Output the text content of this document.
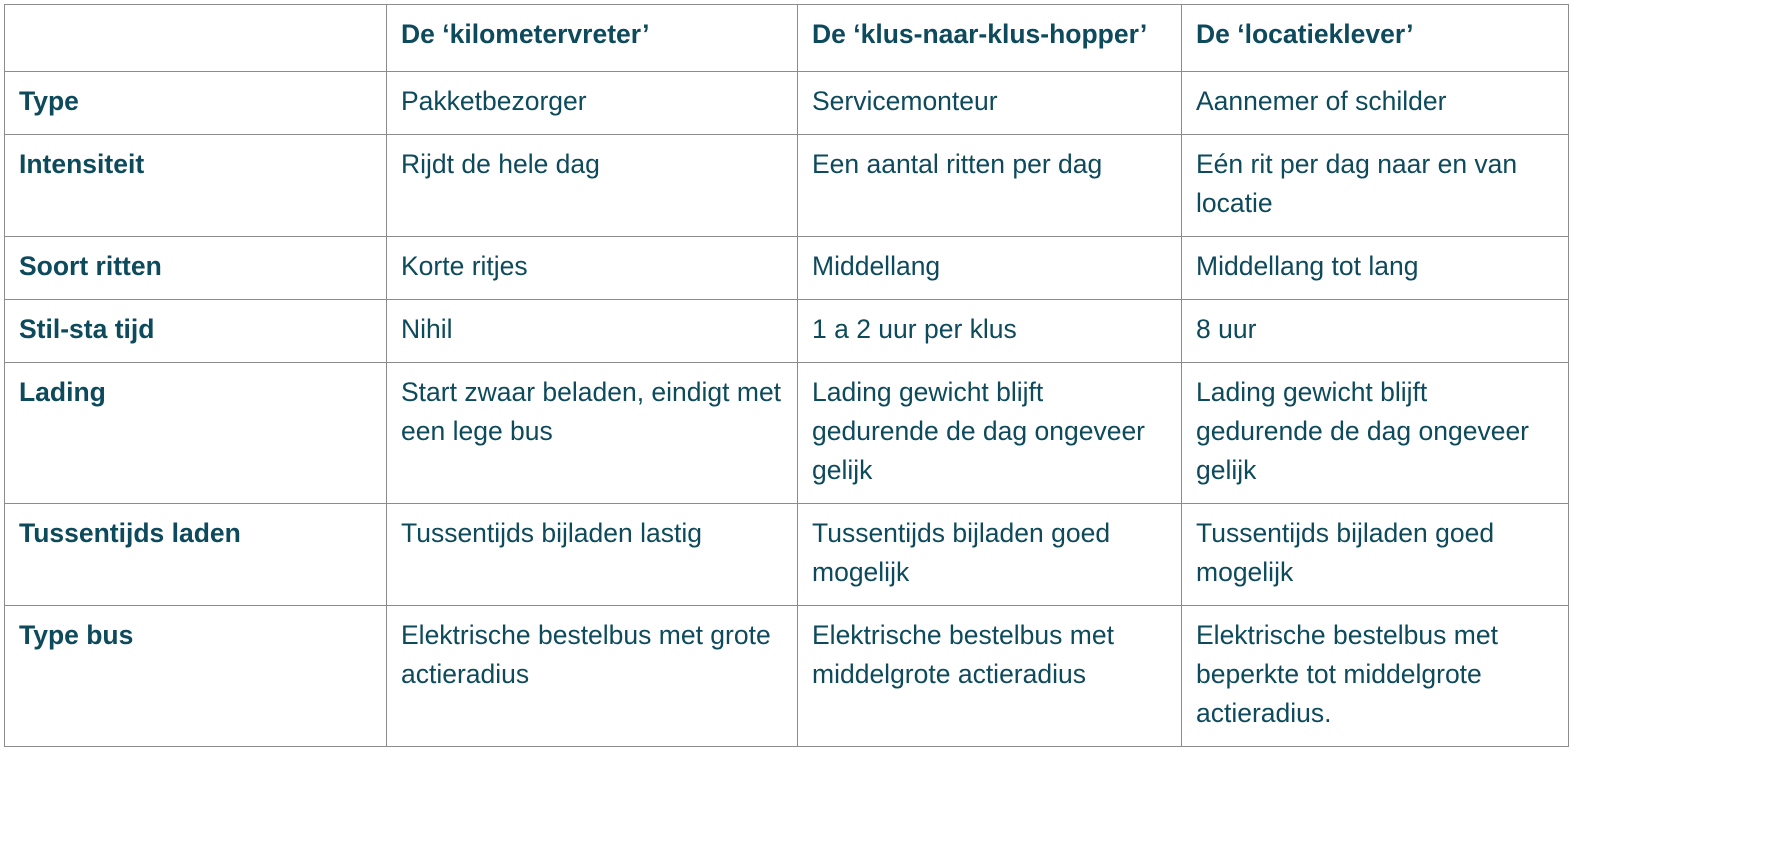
	De ‘kilometervreter’	De ‘klus-naar-klus-hopper’	De ‘locatieklever’
Type	Pakketbezorger	Servicemonteur	Aannemer of schilder
Intensiteit	Rijdt de hele dag	Een aantal ritten per dag	Eén rit per dag naar en van locatie
Soort ritten	Korte ritjes	Middellang	Middellang tot lang
Stil-sta tijd	Nihil	1 a 2 uur per klus	8 uur
Lading	Start zwaar beladen, eindigt met een lege bus	Lading gewicht blijft gedurende de dag ongeveer gelijk	Lading gewicht blijft gedurende de dag ongeveer gelijk
Tussentijds laden	Tussentijds bijladen lastig	Tussentijds bijladen goed mogelijk	Tussentijds bijladen goed mogelijk
Type bus	Elektrische bestelbus met grote actieradius	Elektrische bestelbus met middelgrote actieradius	Elektrische bestelbus met beperkte tot middelgrote actieradius.
